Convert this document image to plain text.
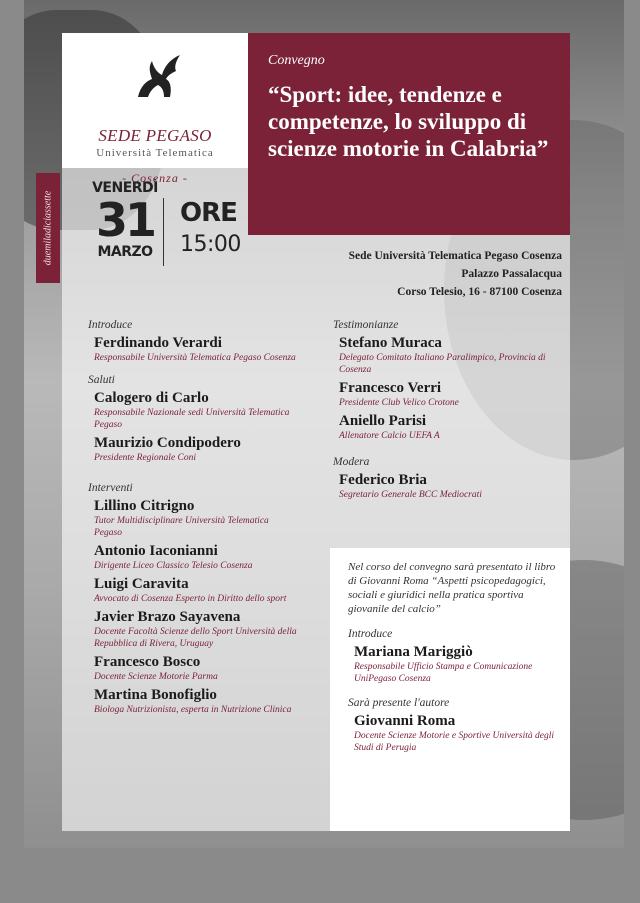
SEDE PEGASO
Università Telematica
- Cosenza -
Convegno
“Sport: idee, tendenze e competenze, lo sviluppo di scienze motorie in Calabria”
duemiladiciassette
VENERDÌ
31
MARZO
ORE
15:00	Sede Università Telematica Pegaso Cosenza
Palazzo Passalacqua
Corso Telesio, 16 - 87100 Cosenza
Introduce
Ferdinando Verardi
Responsabile Università Telematica Pegaso Cosenza
Saluti
Calogero di Carlo
Responsabile Nazionale sedi Università Telematica Pegaso
Maurizio Condipodero
Presidente Regionale Coni
Interventi
Lillino Citrigno
Tutor Multidisciplinare Università Telematica Pegaso
Antonio Iaconianni
Dirigente Liceo Classico Telesio Cosenza
Luigi Caravita
Avvocato di Cosenza Esperto in Diritto dello sport
Javier Brazo Sayavena
Docente Facoltà Scienze dello Sport Università della Repubblica di Rivera, Uruguay
Francesco Bosco
Docente Scienze Motorie Parma
Martina Bonofiglio
Biologa Nutrizionista, esperta in Nutrizione Clinica
Testimonianze
Stefano Muraca
Delegato Comitato Italiano Paralimpico, Provincia di Cosenza
Francesco Verri
Presidente Club Velico Crotone
Aniello Parisi
Allenatore Calcio UEFA A
Modera
Federico Bria
Segretario Generale BCC Mediocrati
Nel corso del convegno sarà presentato il libro di Giovanni Roma “Aspetti psicopedagogici, sociali e giuridici nella pratica sportiva giovanile del calcio”
Introduce
Mariana Mariggiò
Responsabile Ufficio Stampa e Comunicazione UniPegaso Cosenza
Sarà presente l'autore
Giovanni Roma
Docente Scienze Motorie e Sportive Università degli Studi di Perugia
